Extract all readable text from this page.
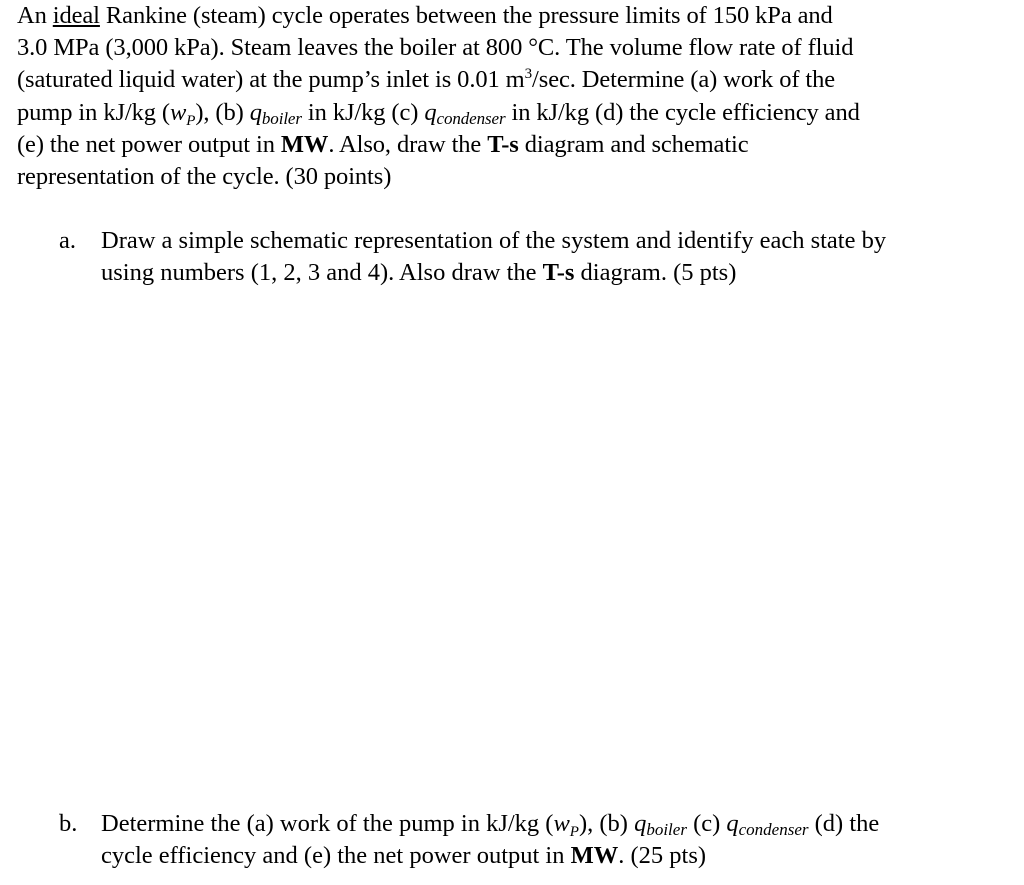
An ideal Rankine (steam) cycle operates between the pressure limits of 150 kPa and
3.0 MPa (3,000 kPa). Steam leaves the boiler at 800 °C. The volume flow rate of fluid
(saturated liquid water) at the pump’s inlet is 0.01 $m^3/\sec$. Determine (a) work of the
pump in kJ/kg $(w_P)$, (b) qboiler in kJ/kg (c) qcondenser in kJ/kg (d) the cycle efficiency and
(e) the net power output in MW. Also, draw the T-s diagram and schematic
representation of the cycle. (30 points)
a. Draw a simple schematic representation of the system and identify each state by
using numbers (1, 2, 3 and 4). Also draw the T-s diagram. (5 pts)
b. Determine the (a) work of the pump in kJ/kg $(w_P)$, (b) qboiler (c) qcondenser (d) the
cycle efficiency and (e) the net power output in MW. (25 pts)
